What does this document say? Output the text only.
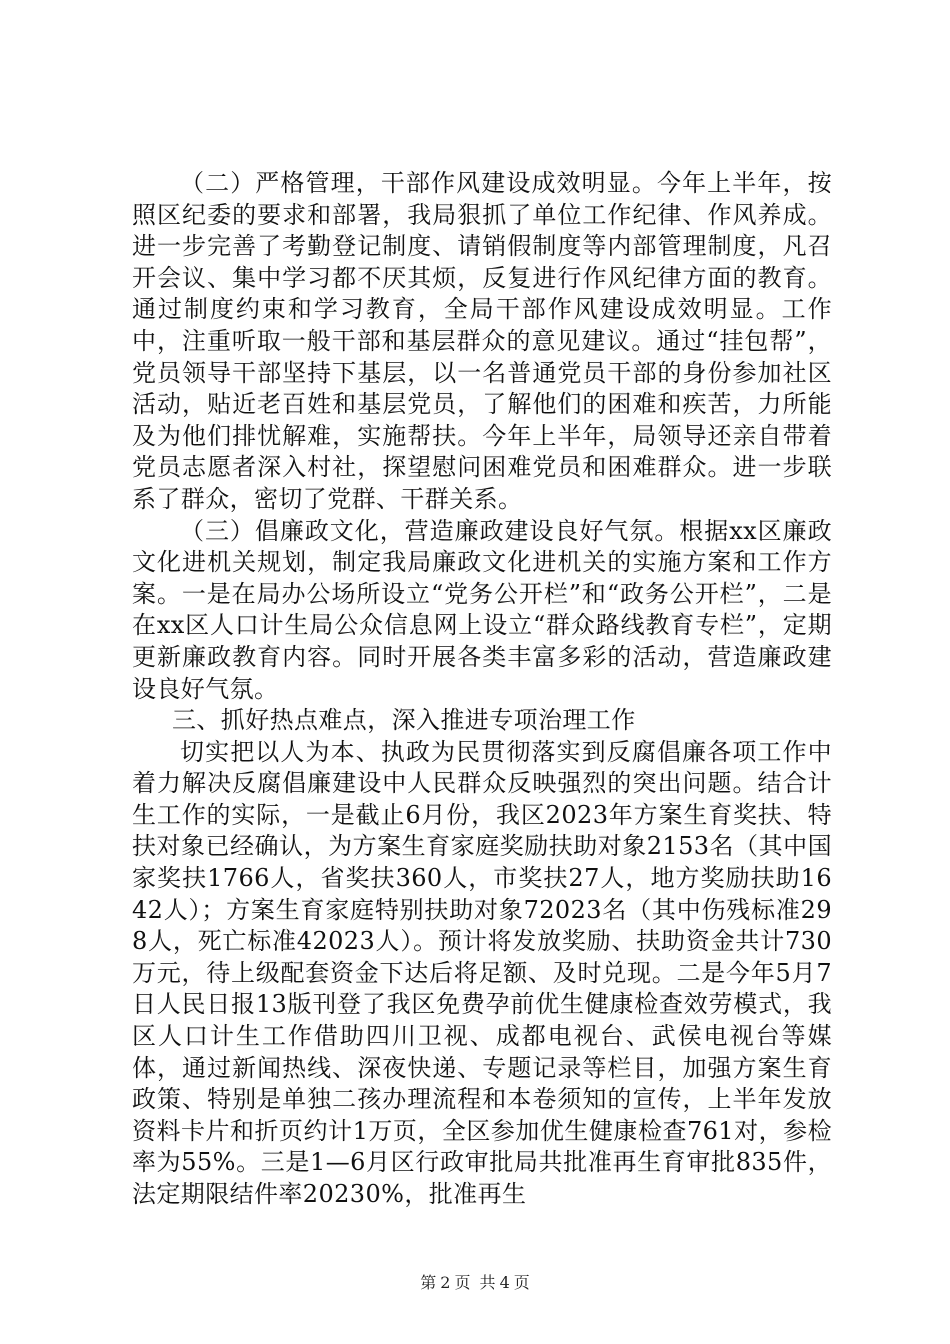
（二）严格管理，干部作风建设成效明显。今年上半年，按照区纪委的要求和部署，我局狠抓了单位工作纪律、作风养成。进一步完善了考勤登记制度、请销假制度等内部管理制度，凡召开会议、集中学习都不厌其烦，反复进行作风纪律方面的教育。通过制度约束和学习教育，全局干部作风建设成效明显。工作中，注重听取一般干部和基层群众的意见建议。通过“挂包帮”，党员领导干部坚持下基层，以一名普通党员干部的身份参加社区活动，贴近老百姓和基层党员，了解他们的困难和疾苦，力所能及为他们排忧解难，实施帮扶。今年上半年，局领导还亲自带着党员志愿者深入村社，探望慰问困难党员和困难群众。进一步联系了群众，密切了党群、干群关系。

（三）倡廉政文化，营造廉政建设良好气氛。根据xx区廉政文化进机关规划，制定我局廉政文化进机关的实施方案和工作方案。一是在局办公场所设立“党务公开栏”和“政务公开栏”，二是在xx区人口计生局公众信息网上设立“群众路线教育专栏”，定期更新廉政教育内容。同时开展各类丰富多彩的活动，营造廉政建设良好气氛。

三、抓好热点难点，深入推进专项治理工作

切实把以人为本、执政为民贯彻落实到反腐倡廉各项工作中着力解决反腐倡廉建设中人民群众反映强烈的突出问题。结合计生工作的实际，一是截止6月份，我区2023年方案生育奖扶、特扶对象已经确认，为方案生育家庭奖励扶助对象2153名（其中国家奖扶1766人，省奖扶360人，市奖扶27人，地方奖励扶助1642人）；方案生育家庭特别扶助对象72023名（其中伤残标准298人，死亡标准42023人）。预计将发放奖励、扶助资金共计730万元，待上级配套资金下达后将足额、及时兑现。二是今年5月7日人民日报13版刊登了我区免费孕前优生健康检查效劳模式，我区人口计生工作借助四川卫视、成都电视台、武侯电视台等媒体，通过新闻热线、深夜快递、专题记录等栏目，加强方案生育政策、特别是单独二孩办理流程和本卷须知的宣传，上半年发放资料卡片和折页约计1万页，全区参加优生健康检查761对，参检率为55%。三是1—6月区行政审批局共批准再生育审批835件，法定期限结件率20230%，批准再生

第 2 页 共 4 页
